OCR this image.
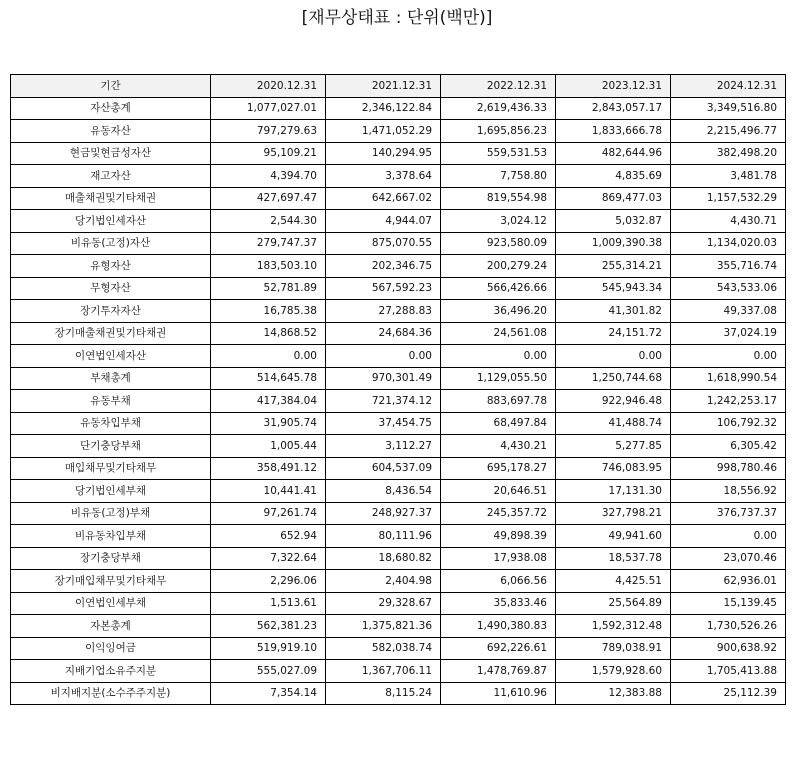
[재무상태표 : 단위(백만)]
기간	2020.12.31	2021.12.31	2022.12.31	2023.12.31	2024.12.31
자산총계	1,077,027.01	2,346,122.84	2,619,436.33	2,843,057.17	3,349,516.80
유동자산	797,279.63	1,471,052.29	1,695,856.23	1,833,666.78	2,215,496.77
현금및현금성자산	95,109.21	140,294.95	559,531.53	482,644.96	382,498.20
재고자산	4,394.70	3,378.64	7,758.80	4,835.69	3,481.78
매출채권및기타채권	427,697.47	642,667.02	819,554.98	869,477.03	1,157,532.29
당기법인세자산	2,544.30	4,944.07	3,024.12	5,032.87	4,430.71
비유동(고정)자산	279,747.37	875,070.55	923,580.09	1,009,390.38	1,134,020.03
유형자산	183,503.10	202,346.75	200,279.24	255,314.21	355,716.74
무형자산	52,781.89	567,592.23	566,426.66	545,943.34	543,533.06
장기투자자산	16,785.38	27,288.83	36,496.20	41,301.82	49,337.08
장기매출채권및기타채권	14,868.52	24,684.36	24,561.08	24,151.72	37,024.19
이연법인세자산	0.00	0.00	0.00	0.00	0.00
부채총계	514,645.78	970,301.49	1,129,055.50	1,250,744.68	1,618,990.54
유동부채	417,384.04	721,374.12	883,697.78	922,946.48	1,242,253.17
유동차입부채	31,905.74	37,454.75	68,497.84	41,488.74	106,792.32
단기충당부채	1,005.44	3,112.27	4,430.21	5,277.85	6,305.42
매입채무및기타채무	358,491.12	604,537.09	695,178.27	746,083.95	998,780.46
당기법인세부채	10,441.41	8,436.54	20,646.51	17,131.30	18,556.92
비유동(고정)부채	97,261.74	248,927.37	245,357.72	327,798.21	376,737.37
비유동차입부채	652.94	80,111.96	49,898.39	49,941.60	0.00
장기충당부채	7,322.64	18,680.82	17,938.08	18,537.78	23,070.46
장기매입채무및기타채무	2,296.06	2,404.98	6,066.56	4,425.51	62,936.01
이연법인세부채	1,513.61	29,328.67	35,833.46	25,564.89	15,139.45
자본총계	562,381.23	1,375,821.36	1,490,380.83	1,592,312.48	1,730,526.26
이익잉여금	519,919.10	582,038.74	692,226.61	789,038.91	900,638.92
지배기업소유주지분	555,027.09	1,367,706.11	1,478,769.87	1,579,928.60	1,705,413.88
비지배지분(소수주주지분)	7,354.14	8,115.24	11,610.96	12,383.88	25,112.39
